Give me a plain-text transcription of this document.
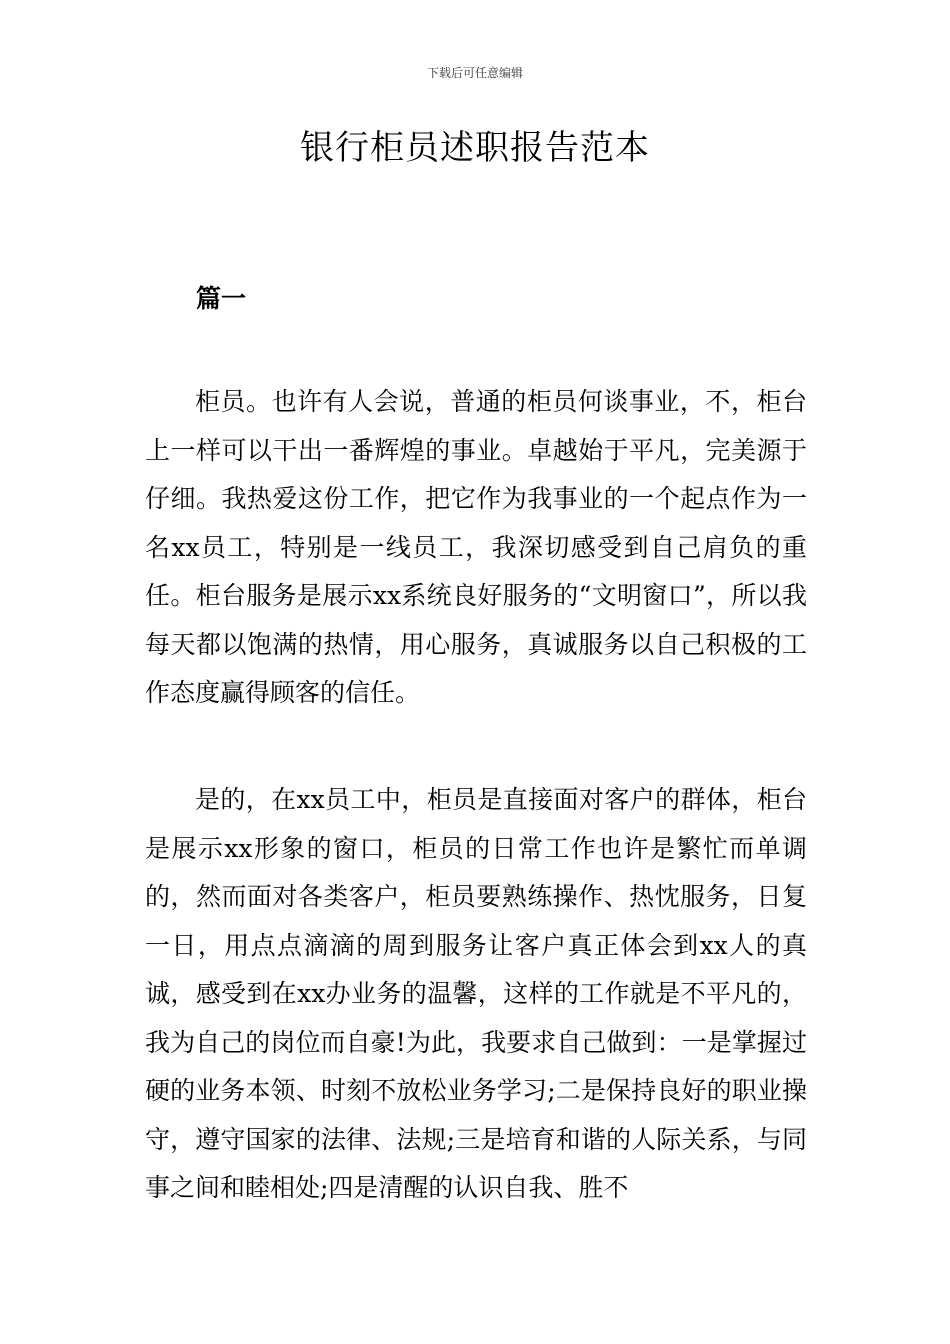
下载后可任意编辑
银行柜员述职报告范本
篇一

柜员。也许有人会说，普通的柜员何谈事业，不，柜台上一样可以干出一番辉煌的事业。卓越始于平凡，完美源于仔细。我热爱这份工作，把它作为我事业的一个起点作为一名xx员工，特别是一线员工，我深切感受到自己肩负的重任。柜台服务是展示xx系统良好服务的“文明窗口”，所以我每天都以饱满的热情，用心服务，真诚服务以自己积极的工作态度赢得顾客的信任。

是的，在xx员工中，柜员是直接面对客户的群体，柜台是展示xx形象的窗口，柜员的日常工作也许是繁忙而单调的，然而面对各类客户，柜员要熟练操作、热忱服务，日复一日，用点点滴滴的周到服务让客户真正体会到xx人的真诚，感受到在xx办业务的温馨，这样的工作就是不平凡的，我为自己的岗位而自豪!为此，我要求自己做到：一是掌握过硬的业务本领、时刻不放松业务学习;二是保持良好的职业操守，遵守国家的法律、法规;三是培育和谐的人际关系，与同事之间和睦相处;四是清醒的认识自我、胜不
